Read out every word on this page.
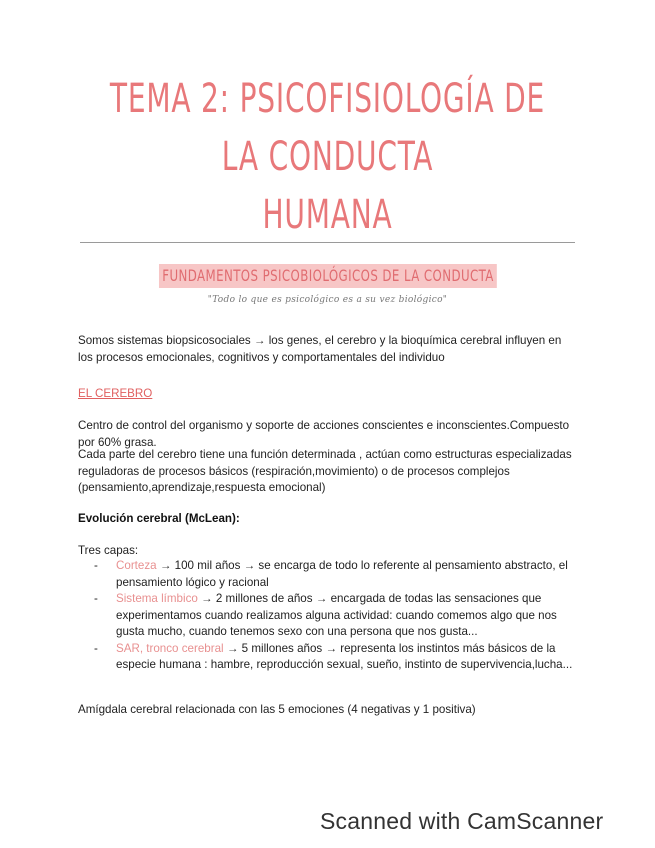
TEMA 2: PSICOFISIOLOGÍA DE LA CONDUCTA
HUMANA
FUNDAMENTOS PSICOBIOLÓGICOS DE LA CONDUCTA
"Todo lo que es psicológico es a su vez biológico"
Somos sistemas biopsicosociales → los genes, el cerebro y la bioquímica cerebral influyen en los procesos emocionales, cognitivos y comportamentales del individuo
EL CEREBRO
Centro de control del organismo y soporte de acciones conscientes e inconscientes.Compuesto por 60% grasa.
Cada parte del cerebro tiene una función determinada , actúan como estructuras especializadas reguladoras de procesos básicos (respiración,movimiento) o de procesos complejos (pensamiento,aprendizaje,respuesta emocional)
Evolución cerebral (McLean):
Tres capas:
- Corteza → 100 mil años → se encarga de todo lo referente al pensamiento abstracto, el pensamiento lógico y racional
- Sistema límbico → 2 millones de años → encargada de todas las sensaciones que experimentamos cuando realizamos alguna actividad: cuando comemos algo que nos gusta mucho, cuando tenemos sexo con una persona que nos gusta...
- SAR, tronco cerebral → 5 millones años → representa los instintos más básicos de la especie humana : hambre, reproducción sexual, sueño, instinto de supervivencia,lucha...
Amígdala cerebral relacionada con las 5 emociones (4 negativas y 1 positiva)
Scanned with CamScanner
